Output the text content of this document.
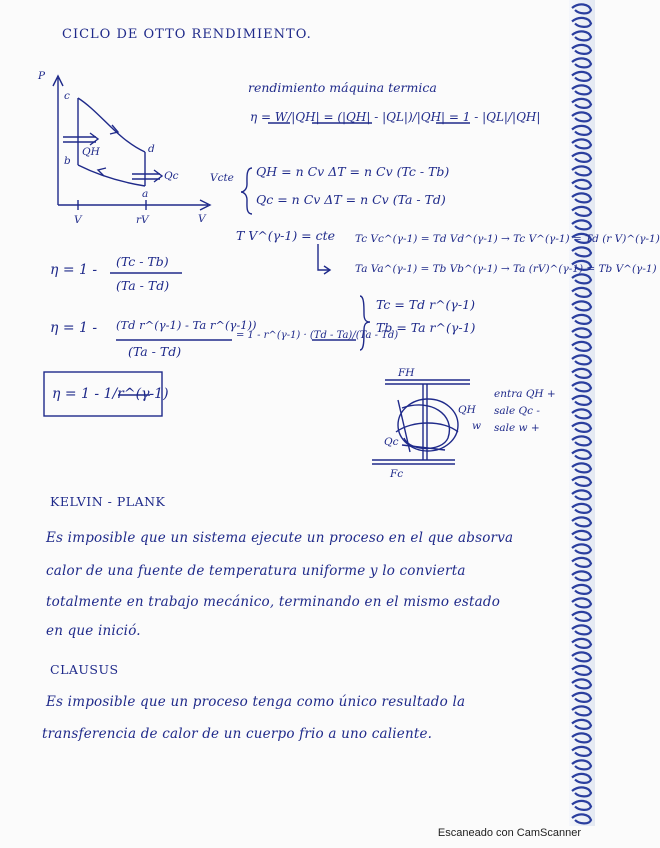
CICLO DE OTTO RENDIMIENTO.
P
V
V	rV
c
b
d
a
QH
Qc	Vcte
rendimiento máquina termica
η = W/|QH| = (|QH| - |QL|)/|QH| = 1 - |QL|/|QH|
QH = n Cv ΔT = n Cv (Tc - Tb)
Qc = n Cv ΔT = n Cv (Ta - Td)
T V^(γ-1) = cte Tc Vc^(γ-1) = Td Vd^(γ-1) → Tc V^(γ-1) = Td (r V)^(γ-1)
Ta Va^(γ-1) = Tb Vb^(γ-1) → Ta (rV)^(γ-1) = Tb V^(γ-1)
Tc = Td r^(γ-1)
Tb = Ta r^(γ-1)
η = 1 -
(Tc - Tb)
(Ta - Td)
η = 1 - (Td r^(γ-1) - Ta r^(γ-1))
(Ta - Td)
= 1 - r^(γ-1) · (Td - Ta)/(Ta - Td)
η = 1 - 1/r^(γ-1)
FH
Fc
QH
Qc
w
entra QH +
sale Qc -
sale w +
KELVIN - PLANK
Es imposible que un sistema ejecute un proceso en el que absorva
calor de una fuente de temperatura uniforme y lo convierta
totalmente en trabajo mecánico, terminando en el mismo estado
en que inició.
CLAUSUS
Es imposible que un proceso tenga como único resultado la
transferencia de calor de un cuerpo frio a uno caliente.
Escaneado con CamScanner
